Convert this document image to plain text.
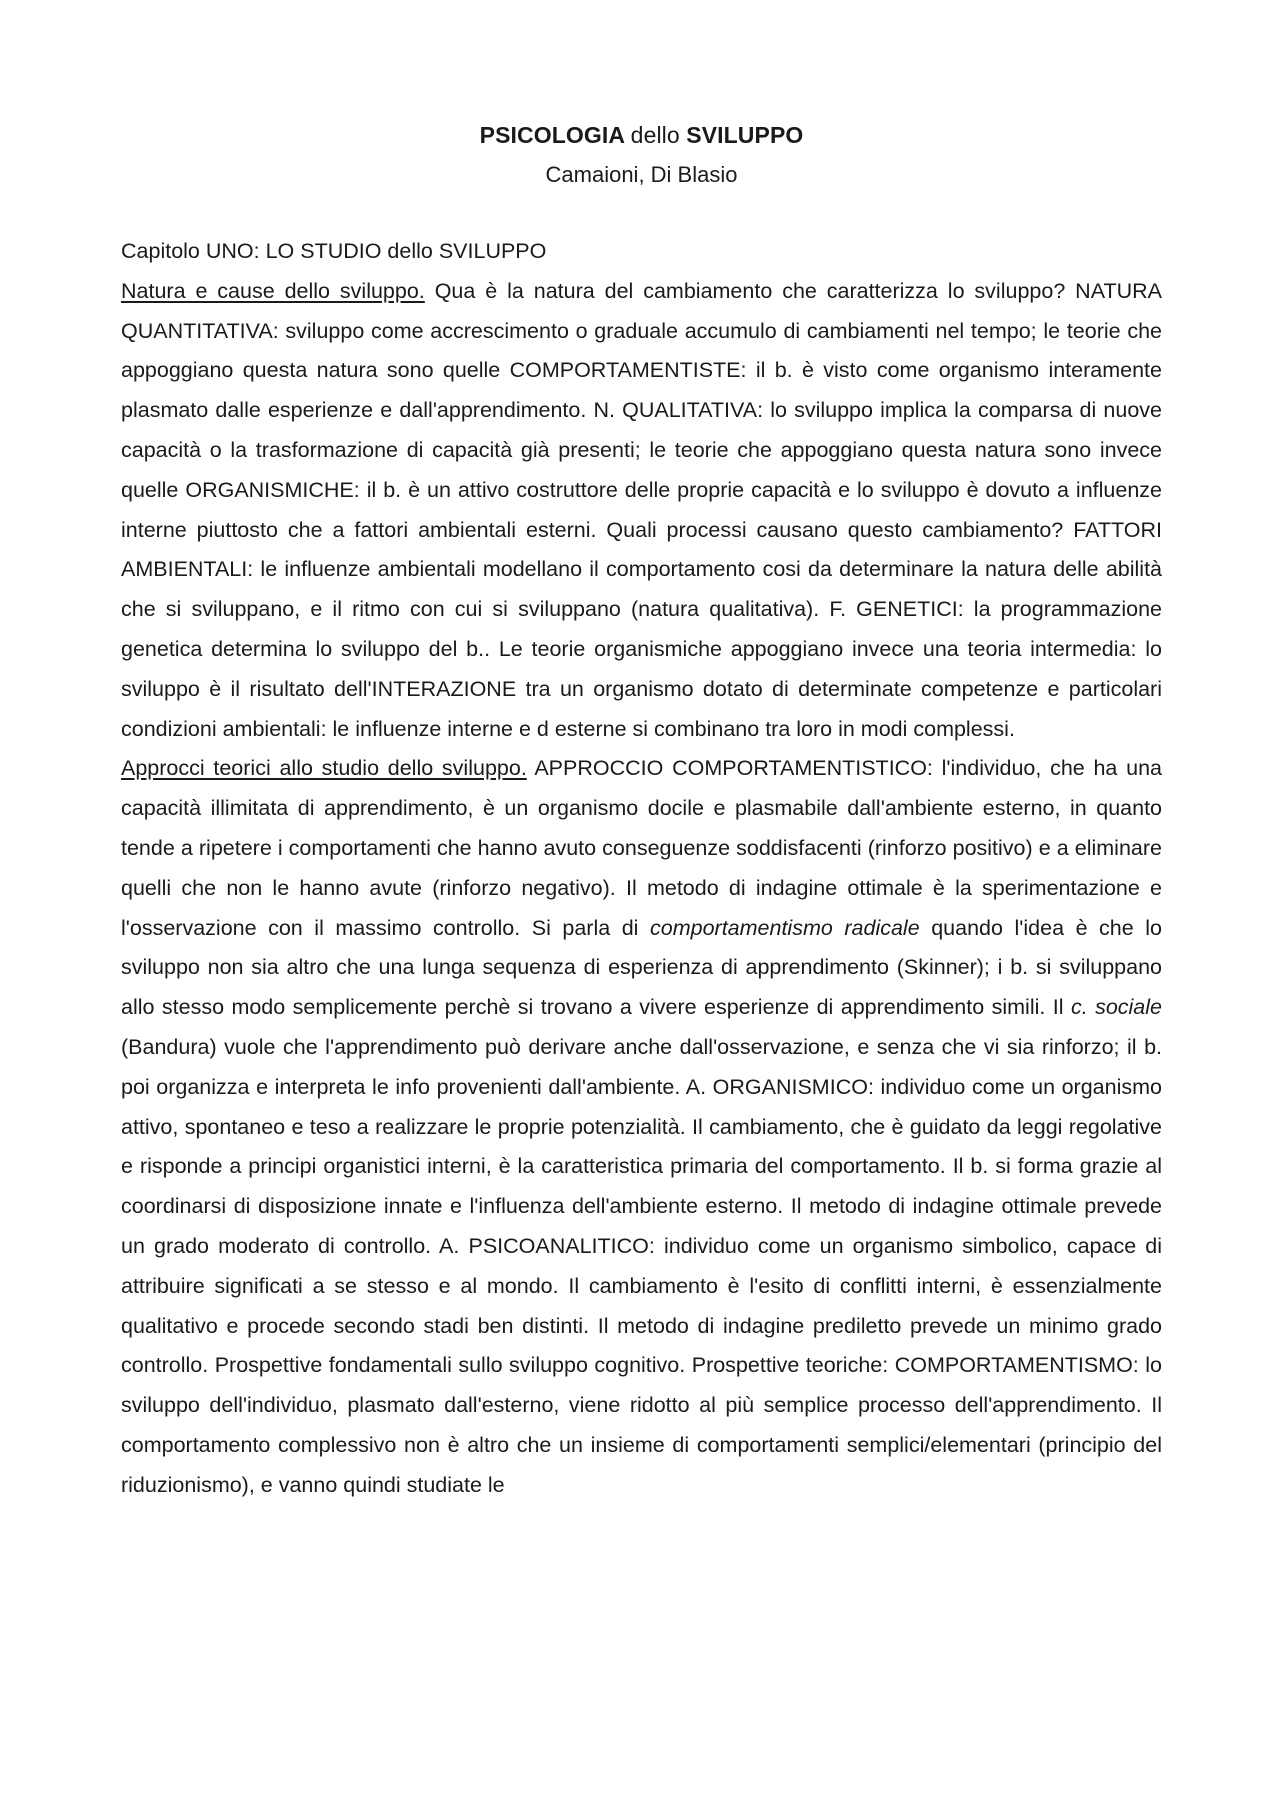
PSICOLOGIA dello SVILUPPO

Camaioni, Di Blasio

Capitolo UNO: LO STUDIO dello SVILUPPO

Natura e cause dello sviluppo. Qua è la natura del cambiamento che caratterizza lo sviluppo? NATURA QUANTITATIVA: sviluppo come accrescimento o graduale accumulo di cambiamenti nel tempo; le teorie che appoggiano questa natura sono quelle COMPORTAMENTISTE: il b. è visto come organismo interamente plasmato dalle esperienze e dall'apprendimento. N. QUALITATIVA: lo sviluppo implica la comparsa di nuove capacità o la trasformazione di capacità già presenti; le teorie che appoggiano questa natura sono invece quelle ORGANISMICHE: il b. è un attivo costruttore delle proprie capacità e lo sviluppo è dovuto a influenze interne piuttosto che a fattori ambientali esterni. Quali processi causano questo cambiamento? FATTORI AMBIENTALI: le influenze ambientali modellano il comportamento cosi da determinare la natura delle abilità che si sviluppano, e il ritmo con cui si sviluppano (natura qualitativa). F. GENETICI: la programmazione genetica determina lo sviluppo del b.. Le teorie organismiche appoggiano invece una teoria intermedia: lo sviluppo è il risultato dell'INTERAZIONE tra un organismo dotato di determinate competenze e particolari condizioni ambientali: le influenze interne e d esterne si combinano tra loro in modi complessi.

Approcci teorici allo studio dello sviluppo. APPROCCIO COMPORTAMENTISTICO: l'individuo, che ha una capacità illimitata di apprendimento, è un organismo docile e plasmabile dall'ambiente esterno, in quanto tende a ripetere i comportamenti che hanno avuto conseguenze soddisfacenti (rinforzo positivo) e a eliminare quelli che non le hanno avute (rinforzo negativo). Il metodo di indagine ottimale è la sperimentazione e l'osservazione con il massimo controllo. Si parla di comportamentismo radicale quando l'idea è che lo sviluppo non sia altro che una lunga sequenza di esperienza di apprendimento (Skinner); i b. si sviluppano allo stesso modo semplicemente perchè si trovano a vivere esperienze di apprendimento simili. Il c. sociale (Bandura) vuole che l'apprendimento può derivare anche dall'osservazione, e senza che vi sia rinforzo; il b. poi organizza e interpreta le info provenienti dall'ambiente. A. ORGANISMICO: individuo come un organismo attivo, spontaneo e teso a realizzare le proprie potenzialità. Il cambiamento, che è guidato da leggi regolative e risponde a principi organistici interni, è la caratteristica primaria del comportamento. Il b. si forma grazie al coordinarsi di disposizione innate e l'influenza dell'ambiente esterno. Il metodo di indagine ottimale prevede un grado moderato di controllo. A. PSICOANALITICO: individuo come un organismo simbolico, capace di attribuire significati a se stesso e al mondo. Il cambiamento è l'esito di conflitti interni, è essenzialmente qualitativo e procede secondo stadi ben distinti. Il metodo di indagine prediletto prevede un minimo grado controllo. Prospettive fondamentali sullo sviluppo cognitivo. Prospettive teoriche: COMPORTAMENTISMO: lo sviluppo dell'individuo, plasmato dall'esterno, viene ridotto al più semplice processo dell'apprendimento. Il comportamento complessivo non è altro che un insieme di comportamenti semplici/elementari (principio del riduzionismo), e vanno quindi studiate le
